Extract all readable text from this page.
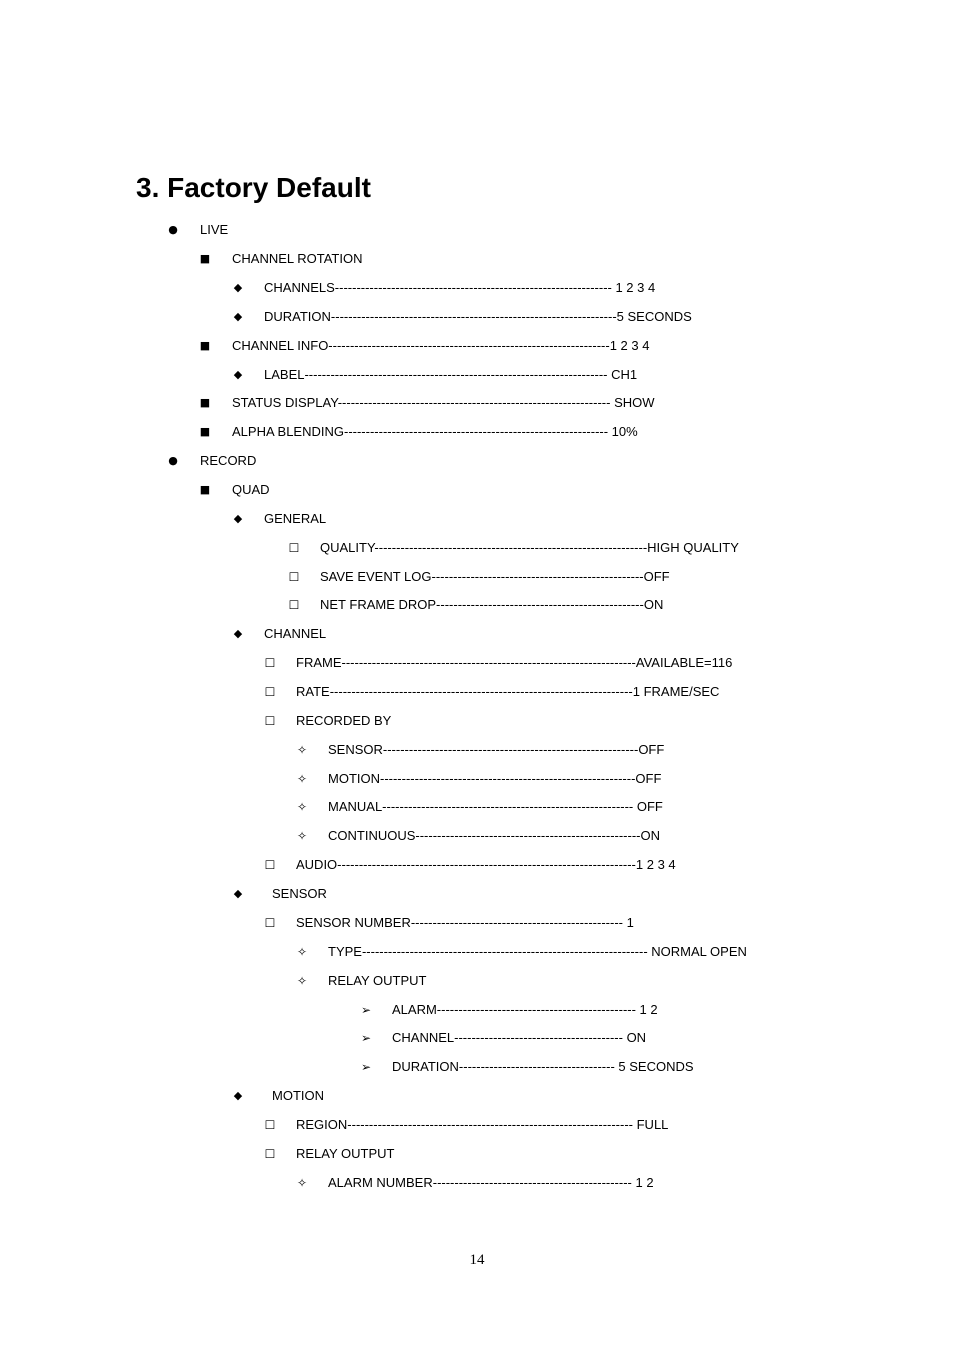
3. Factory Default
● LIVE
■ CHANNEL ROTATION
◆ CHANNELS---------------------------------------------------------------- 1 2 3 4
◆ DURATION------------------------------------------------------------------5 SECONDS
■ CHANNEL INFO-----------------------------------------------------------------1 2 3 4
◆ LABEL---------------------------------------------------------------------- CH1
■ STATUS DISPLAY--------------------------------------------------------------- SHOW
■ ALPHA BLENDING------------------------------------------------------------- 10%
● RECORD
■ QUAD
◆ GENERAL
☐ QUALITY---------------------------------------------------------------HIGH QUALITY
☐ SAVE EVENT LOG-------------------------------------------------OFF
☐ NET FRAME DROP------------------------------------------------ON
◆ CHANNEL
☐ FRAME--------------------------------------------------------------------AVAILABLE=116
☐ RATE----------------------------------------------------------------------1 FRAME/SEC
☐ RECORDED BY
✧ SENSOR-----------------------------------------------------------OFF
✧ MOTION-----------------------------------------------------------OFF
✧ MANUAL---------------------------------------------------------- OFF
✧ CONTINUOUS----------------------------------------------------ON
☐ AUDIO---------------------------------------------------------------------1 2 3 4
◆ SENSOR
☐ SENSOR NUMBER------------------------------------------------- 1
✧ TYPE------------------------------------------------------------------ NORMAL OPEN
✧ RELAY OUTPUT
➢ ALARM---------------------------------------------- 1 2
➢ CHANNEL--------------------------------------- ON
➢ DURATION------------------------------------ 5 SECONDS
◆ MOTION
☐ REGION------------------------------------------------------------------ FULL
☐ RELAY OUTPUT
✧ ALARM NUMBER---------------------------------------------- 1 2
14
